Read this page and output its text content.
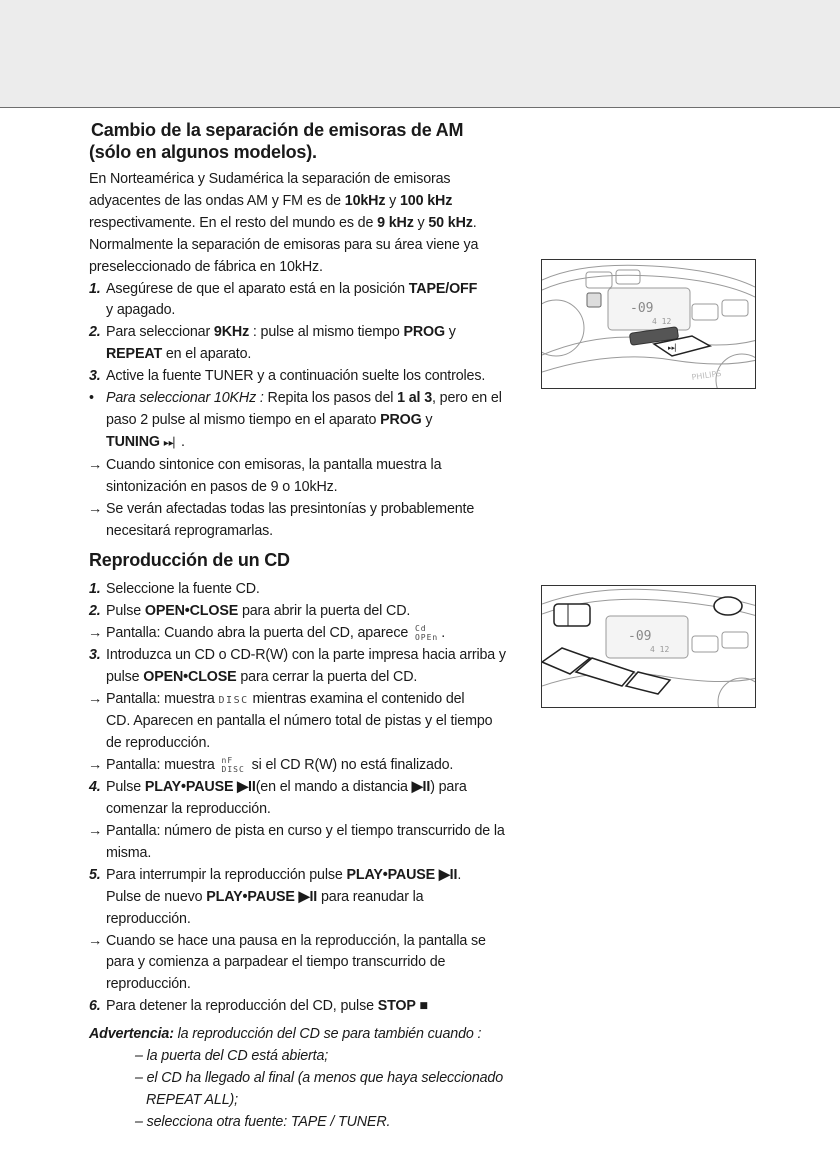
Cambio de la separación de emisoras de AM
(sólo en algunos modelos).
En Norteamérica y Sudamérica la separación de emisoras
adyacentes de las ondas AM y FM es de 10kHz y 100 kHz
respectivamente. En el resto del mundo es de 9 kHz y 50 kHz.
Normalmente la separación de emisoras para su área viene ya
preseleccionado de fábrica en 10kHz.
1. Asegúrese de que el aparato está en la posición TAPE/OFF
y apagado.
2. Para seleccionar 9KHz : pulse al mismo tiempo PROG y
REPEAT en el aparato.
3. Active la fuente TUNER y a continuación suelte los controles.
• Para seleccionar 10KHz : Repita los pasos del 1 al 3, pero en el
paso 2 pulse al mismo tiempo en el aparato PROG y
TUNING ▸▸▏.
→ Cuando sintonice con emisoras, la pantalla muestra la
sintonización en pasos de 9 o 10kHz.
→ Se verán afectadas todas las presintonías y probablemente
necesitará reprogramarlas.
Reproducción de un CD
1. Seleccione la fuente CD.
2. Pulse OPEN•CLOSE para abrir la puerta del CD.
→ Pantalla: Cuando abra la puerta del CD, aparece Cd
OPEn .
3. Introduzca un CD o CD-R(W) con la parte impresa hacia arriba y
pulse OPEN•CLOSE para cerrar la puerta del CD.
→ Pantalla: muestra DISC mientras examina el contenido del
CD. Aparecen en pantalla el número total de pistas y el tiempo
de reproducción.
→ Pantalla: muestra nF
DISC si el CD R(W) no está finalizado.
4. Pulse PLAY•PAUSE ▶II(en el mando a distancia ▶II) para
comenzar la reproducción.
→ Pantalla: número de pista en curso y el tiempo transcurrido de la
misma.
5. Para interrumpir la reproducción pulse PLAY•PAUSE ▶II.
Pulse de nuevo PLAY•PAUSE ▶II para reanudar la
reproducción.
→ Cuando se hace una pausa en la reproducción, la pantalla se
para y comienza a parpadear el tiempo transcurrido de
reproducción.
6. Para detener la reproducción del CD, pulse STOP ■
Advertencia: la reproducción del CD se para también cuando :
– la puerta del CD está abierta;
– el CD ha llegado al final (a menos que haya seleccionado
REPEAT ALL);
– selecciona otra fuente: TAPE / TUNER.
▸▸▏
-09
4 12
PHILIPS
-09
4 12
